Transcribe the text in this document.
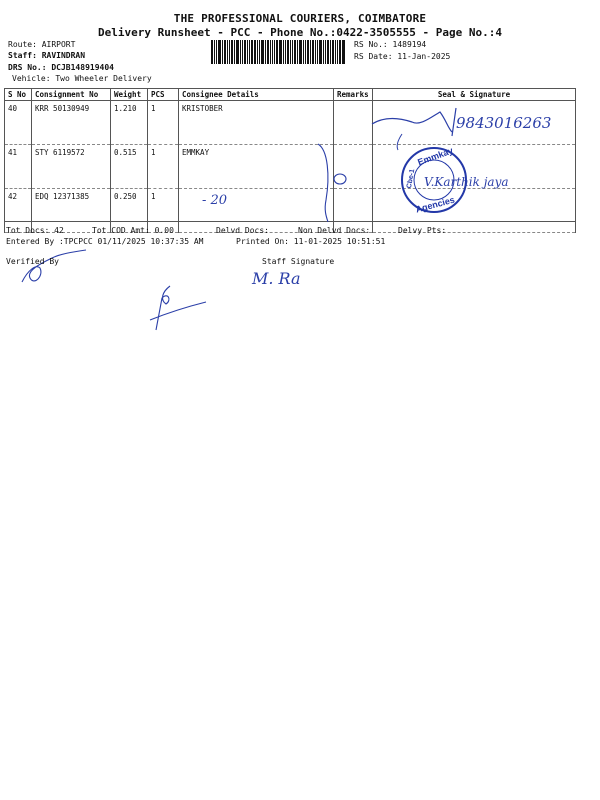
THE PROFESSIONAL COURIERS, COIMBATORE
Delivery Runsheet - PCC - Phone No.:0422-3505555 - Page No.:4
Route: AIRPORT
Staff: RAVINDRAN
DRS No.: DCJB148919404
Vehicle: Two Wheeler Delivery
RS No.: 1489194
RS Date: 11-Jan-2025
S No	Consignment No	Weight	PCS	Consignee Details	Remarks	Seal & Signature
40	KRR 50130949	1.210	1	KRISTOBER		
41	STY 6119572	0.515	1	EMMKAY		
42	EDQ 12371385	0.250	1			
9843016263
Emmkay
Agencies
Cbe-1 V.Karthik jaya
- 20
M. Ra
Tot Docs: 42	Tot COD Amt: 0.00	Delvd Docs:	Non Delvd Docs:	Delvy Pts:
Entered By :TPCPCC 01/11/2025 10:37:35 AM	Printed On: 11-01-2025 10:51:51
Verified By	Staff Signature
